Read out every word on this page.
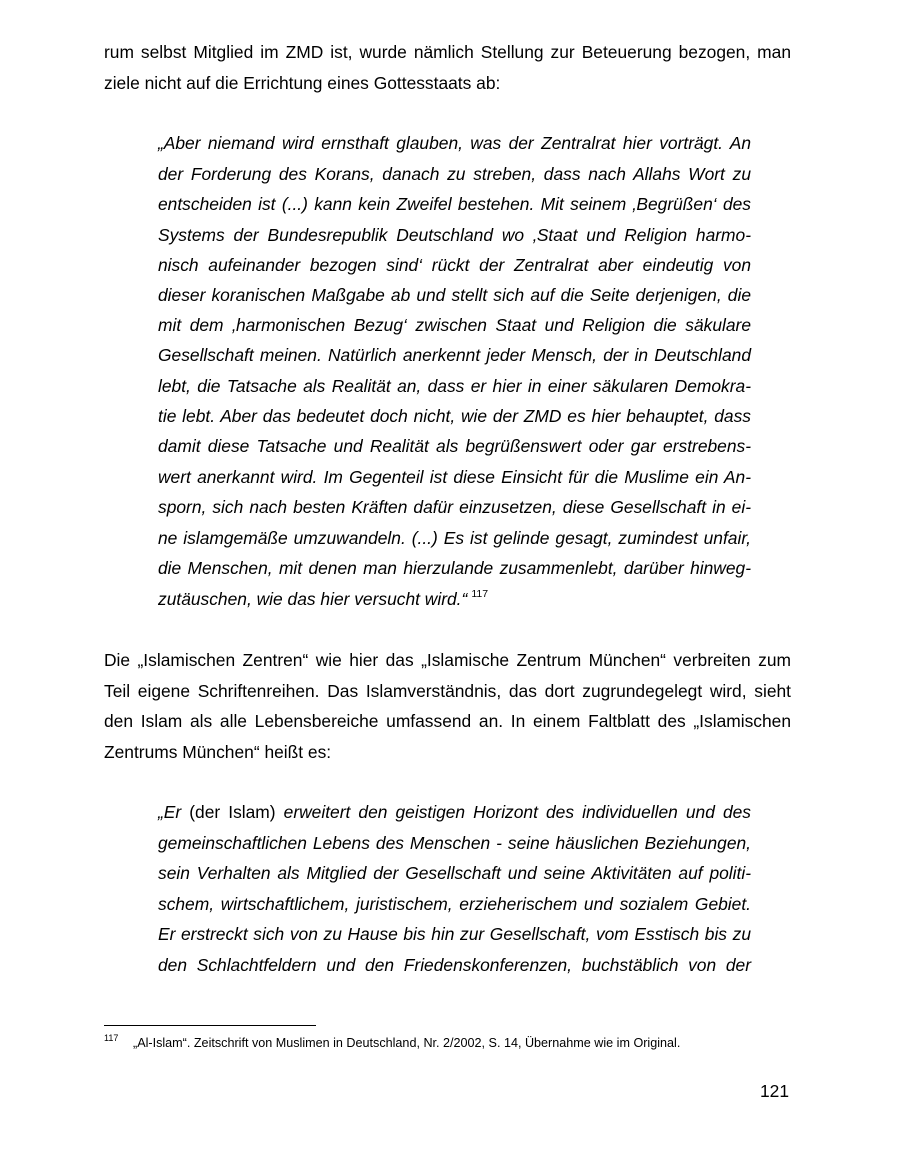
rum selbst Mitglied im ZMD ist, wurde nämlich Stellung zur Beteuerung bezogen, man
ziele nicht auf die Errichtung eines Gottesstaats ab:
„Aber niemand wird ernsthaft glauben, was der Zentralrat hier vorträgt. An
der Forderung des Korans, danach zu streben, dass nach Allahs Wort zu
entscheiden ist (...) kann kein Zweifel bestehen. Mit seinem ‚Begrüßen‘ des
Systems der Bundesrepublik Deutschland wo ‚Staat und Religion harmo-
nisch aufeinander bezogen sind‘ rückt der Zentralrat aber eindeutig von
dieser koranischen Maßgabe ab und stellt sich auf die Seite derjenigen, die
mit dem ‚harmonischen Bezug‘ zwischen Staat und Religion die säkulare
Gesellschaft meinen. Natürlich anerkennt jeder Mensch, der in Deutschland
lebt, die Tatsache als Realität an, dass er hier in einer säkularen Demokra-
tie lebt. Aber das bedeutet doch nicht, wie der ZMD es hier behauptet, dass
damit diese Tatsache und Realität als begrüßenswert oder gar erstrebens-
wert anerkannt wird. Im Gegenteil ist diese Einsicht für die Muslime ein An-
sporn, sich nach besten Kräften dafür einzusetzen, diese Gesellschaft in ei-
ne islamgemäße umzuwandeln. (...) Es ist gelinde gesagt, zumindest unfair,
die Menschen, mit denen man hierzulande zusammenlebt, darüber hinweg-
zutäuschen, wie das hier versucht wird.“ $^{117}$
Die „Islamischen Zentren“ wie hier das „Islamische Zentrum München“ verbreiten zum
Teil eigene Schriftenreihen. Das Islamverständnis, das dort zugrundegelegt wird, sieht
den Islam als alle Lebensbereiche umfassend an. In einem Faltblatt des „Islamischen
Zentrums München“ heißt es:
„Er (der Islam) erweitert den geistigen Horizont des individuellen und des
gemeinschaftlichen Lebens des Menschen - seine häuslichen Beziehungen,
sein Verhalten als Mitglied der Gesellschaft und seine Aktivitäten auf politi-
schem, wirtschaftlichem, juristischem, erzieherischem und sozialem Gebiet.
Er erstreckt sich von zu Hause bis hin zur Gesellschaft, vom Esstisch bis zu
den Schlachtfeldern und den Friedenskonferenzen, buchstäblich von der
117 „Al-Islam“. Zeitschrift von Muslimen in Deutschland, Nr. 2/2002, S. 14, Übernahme wie im Original.
121
